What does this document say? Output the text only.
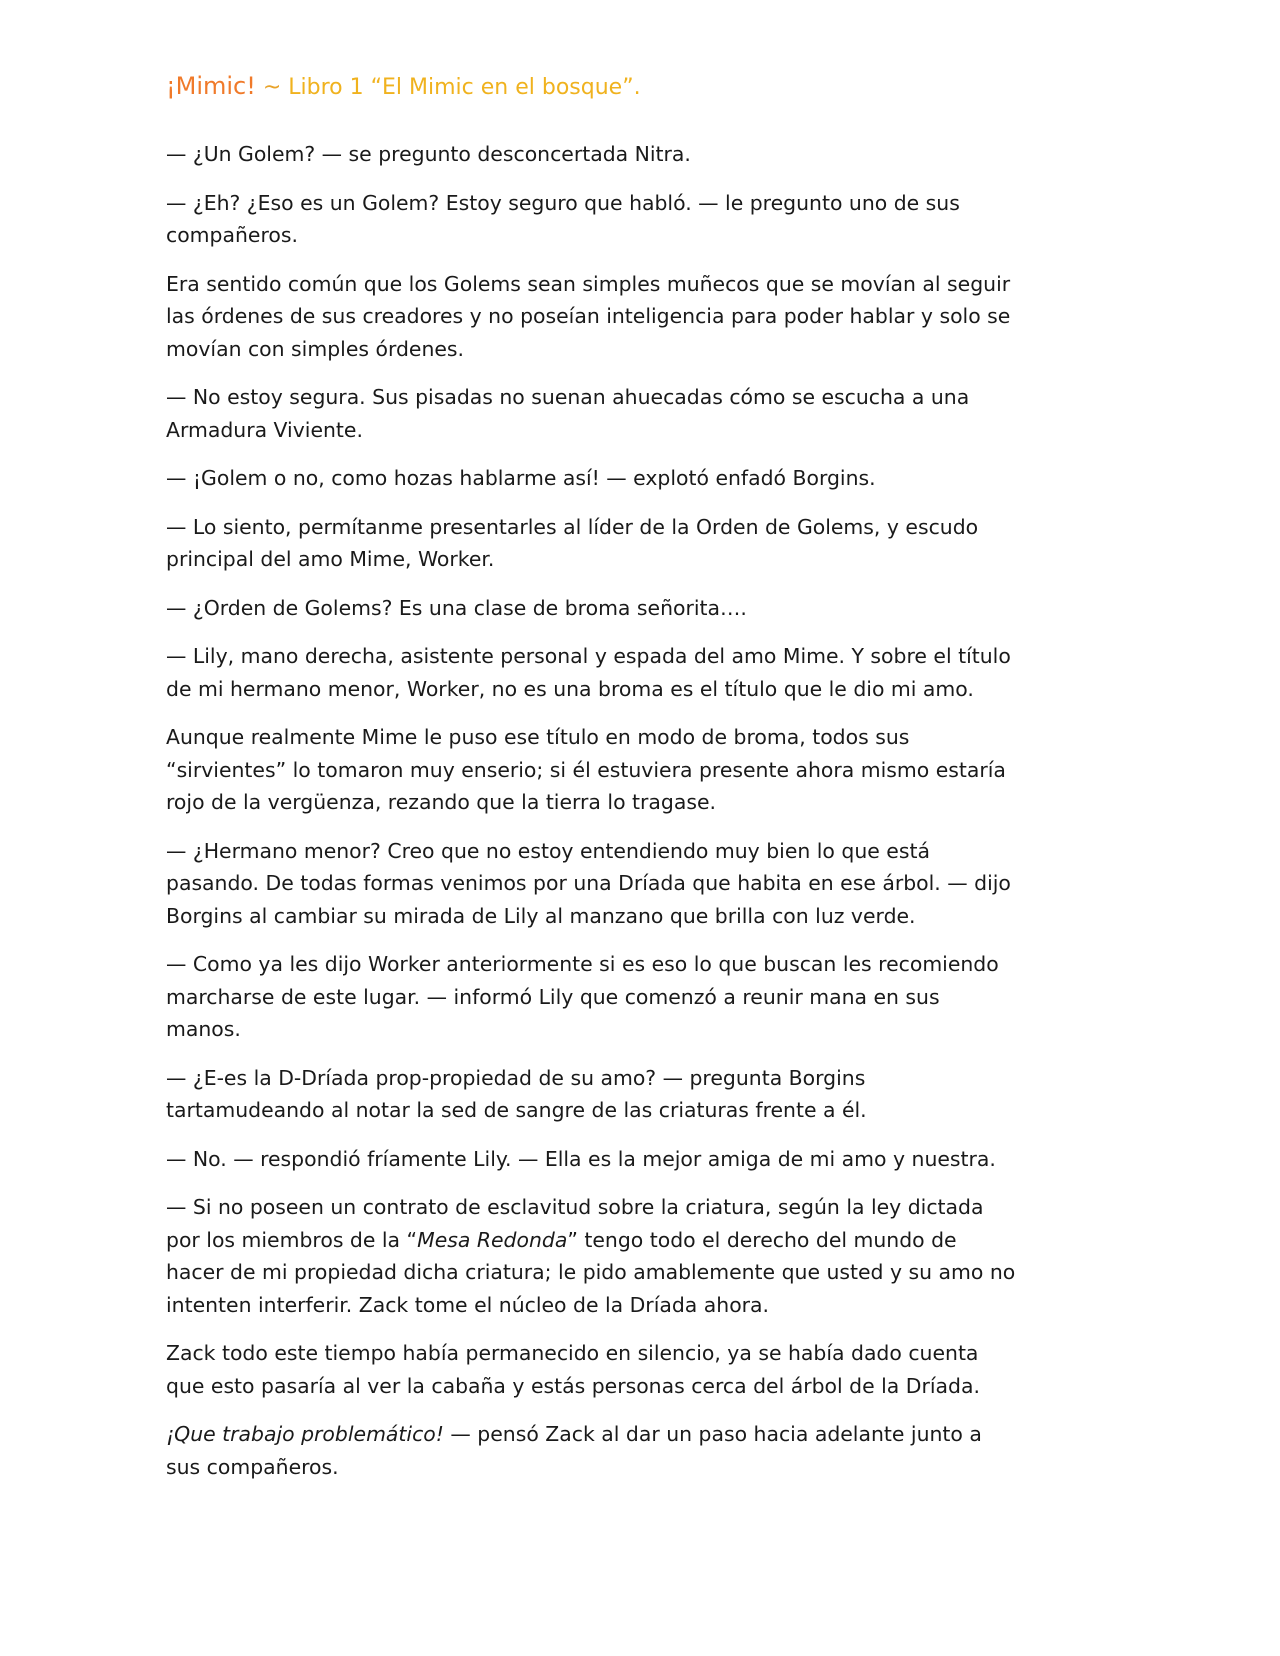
¡Mimic! ~ Libro 1 “El Mimic en el bosque”.

— ¿Un Golem? — se pregunto desconcertada Nitra.

— ¿Eh? ¿Eso es un Golem? Estoy seguro que habló. — le pregunto uno de sus compañeros.

Era sentido común que los Golems sean simples muñecos que se movían al seguir las órdenes de sus creadores y no poseían inteligencia para poder hablar y solo se movían con simples órdenes.

— No estoy segura. Sus pisadas no suenan ahuecadas cómo se escucha a una Armadura Viviente.

— ¡Golem o no, como hozas hablarme así! — explotó enfadó Borgins.

— Lo siento, permítanme presentarles al líder de la Orden de Golems, y escudo principal del amo Mime, Worker.

— ¿Orden de Golems? Es una clase de broma señorita….

— Lily, mano derecha, asistente personal y espada del amo Mime. Y sobre el título de mi hermano menor, Worker, no es una broma es el título que le dio mi amo.

Aunque realmente Mime le puso ese título en modo de broma, todos sus “sirvientes” lo tomaron muy enserio; si él estuviera presente ahora mismo estaría rojo de la vergüenza, rezando que la tierra lo tragase.

— ¿Hermano menor? Creo que no estoy entendiendo muy bien lo que está pasando. De todas formas venimos por una Dríada que habita en ese árbol. — dijo Borgins al cambiar su mirada de Lily al manzano que brilla con luz verde.

— Como ya les dijo Worker anteriormente si es eso lo que buscan les recomiendo marcharse de este lugar. — informó Lily que comenzó a reunir mana en sus manos.

— ¿E-es la D-Dríada prop-propiedad de su amo? — pregunta Borgins tartamudeando al notar la sed de sangre de las criaturas frente a él.

— No. — respondió fríamente Lily. — Ella es la mejor amiga de mi amo y nuestra.

— Si no poseen un contrato de esclavitud sobre la criatura, según la ley dictada por los miembros de la “Mesa Redonda” tengo todo el derecho del mundo de hacer de mi propiedad dicha criatura; le pido amablemente que usted y su amo no intenten interferir. Zack tome el núcleo de la Dríada ahora.

Zack todo este tiempo había permanecido en silencio, ya se había dado cuenta que esto pasaría al ver la cabaña y estás personas cerca del árbol de la Dríada.

¡Que trabajo problemático! — pensó Zack al dar un paso hacia adelante junto a sus compañeros.
